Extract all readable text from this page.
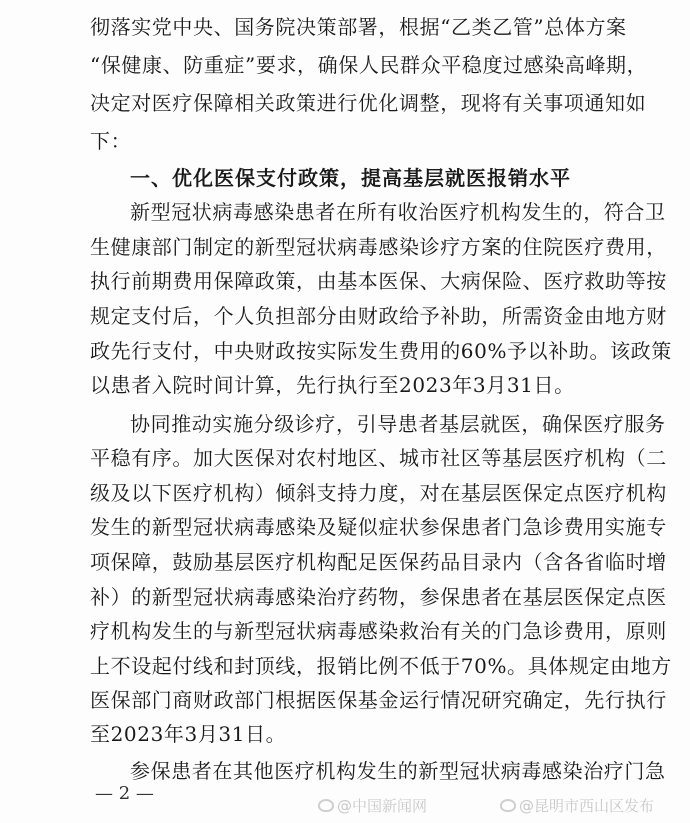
彻落实党中央、国务院决策部署，根据“乙类乙管”总体方案
“保健康、防重症”要求，确保人民群众平稳度过感染高峰期，
决定对医疗保障相关政策进行优化调整，现将有关事项通知如
下：
一、优化医保支付政策，提高基层就医报销水平
新型冠状病毒感染患者在所有收治医疗机构发生的，符合卫
生健康部门制定的新型冠状病毒感染诊疗方案的住院医疗费用，
执行前期费用保障政策，由基本医保、大病保险、医疗救助等按
规定支付后，个人负担部分由财政给予补助，所需资金由地方财
政先行支付，中央财政按实际发生费用的60%予以补助。该政策
以患者入院时间计算，先行执行至2023年3月31日。
协同推动实施分级诊疗，引导患者基层就医，确保医疗服务
平稳有序。加大医保对农村地区、城市社区等基层医疗机构（二
级及以下医疗机构）倾斜支持力度，对在基层医保定点医疗机构
发生的新型冠状病毒感染及疑似症状参保患者门急诊费用实施专
项保障，鼓励基层医疗机构配足医保药品目录内（含各省临时增
补）的新型冠状病毒感染治疗药物，参保患者在基层医保定点医
疗机构发生的与新型冠状病毒感染救治有关的门急诊费用，原则
上不设起付线和封顶线，报销比例不低于70%。具体规定由地方
医保部门商财政部门根据医保基金运行情况研究确定，先行执行
至2023年3月31日。
参保患者在其他医疗机构发生的新型冠状病毒感染治疗门急
— 2 —
@中国新闻网	@昆明市西山区发布
